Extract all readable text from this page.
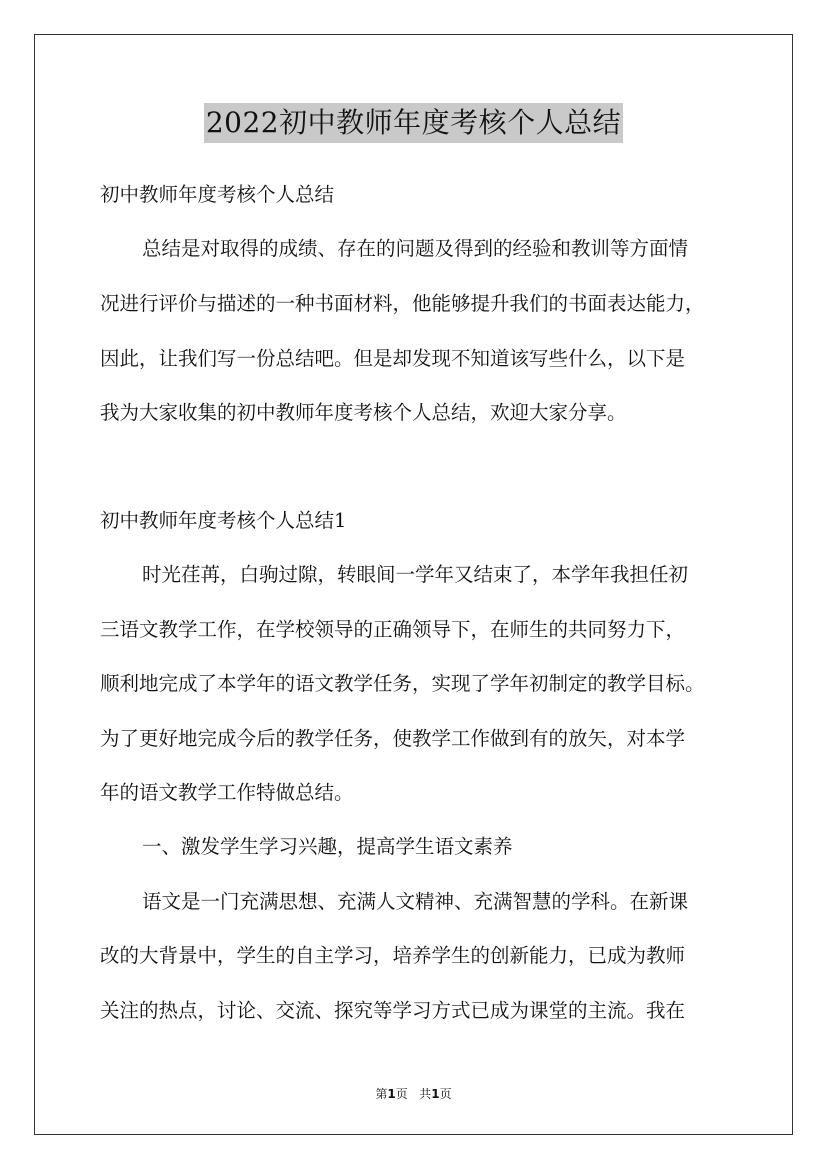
2022初中教师年度考核个人总结

初中教师年度考核个人总结

总结是对取得的成绩、存在的问题及得到的经验和教训等方面情

况进行评价与描述的一种书面材料，他能够提升我们的书面表达能力，

因此，让我们写一份总结吧。但是却发现不知道该写些什么，以下是

我为大家收集的初中教师年度考核个人总结，欢迎大家分享。

初中教师年度考核个人总结1

时光荏苒，白驹过隙，转眼间一学年又结束了，本学年我担任初

三语文教学工作，在学校领导的正确领导下，在师生的共同努力下，

顺利地完成了本学年的语文教学任务，实现了学年初制定的教学目标。

为了更好地完成今后的教学任务，使教学工作做到有的放矢，对本学

年的语文教学工作特做总结。

一、激发学生学习兴趣，提高学生语文素养

语文是一门充满思想、充满人文精神、充满智慧的学科。在新课

改的大背景中，学生的自主学习，培养学生的创新能力，已成为教师

关注的热点，讨论、交流、探究等学习方式已成为课堂的主流。我在

第1页 共1页
